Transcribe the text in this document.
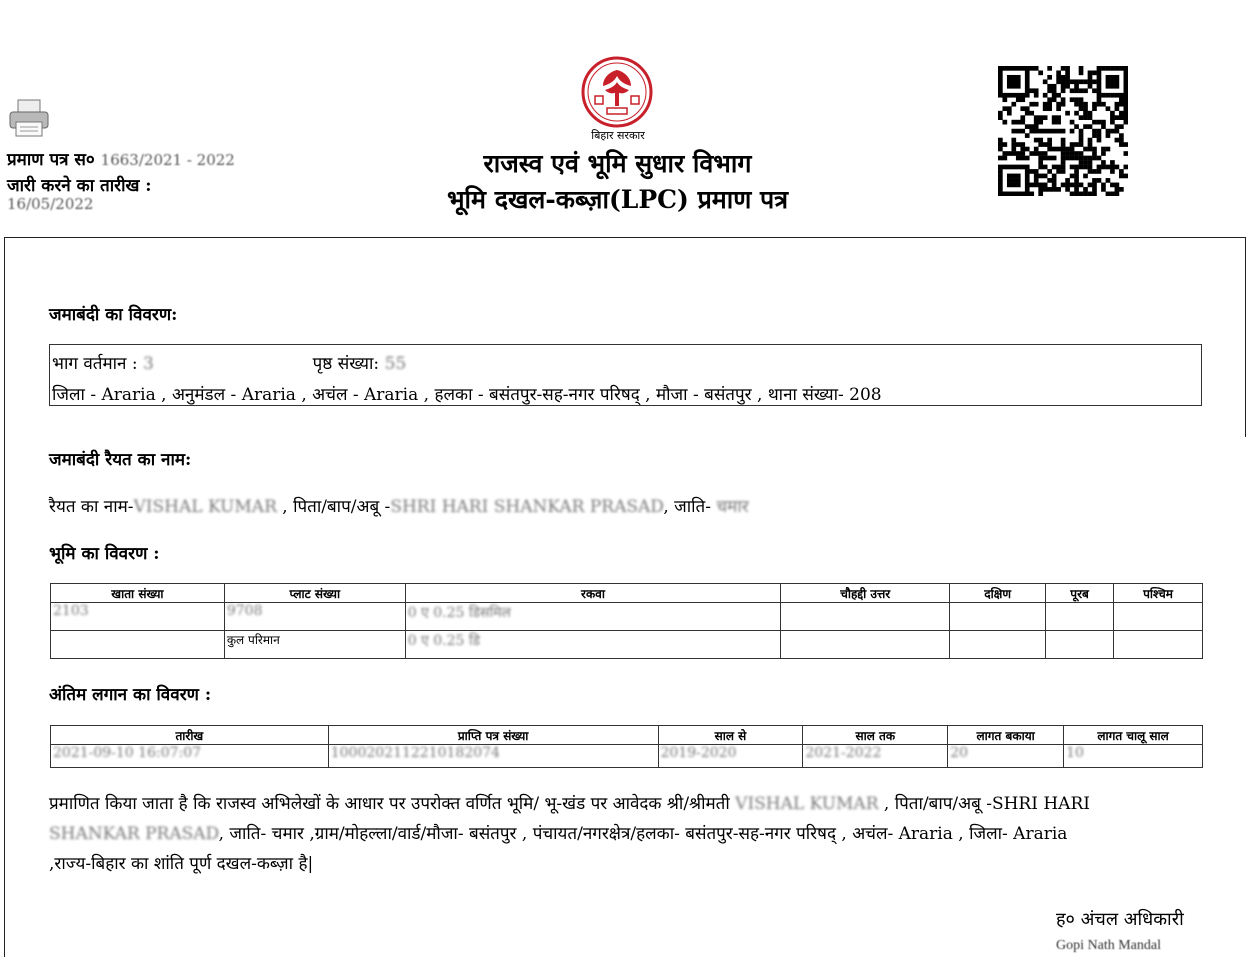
प्रमाण पत्र स० 1663/2021 - 2022
जारी करने का तारीख :
16/05/2022
बिहार सरकार
राजस्व एवं भूमि सुधार विभाग
भूमि दखल-कब्ज़ा(LPC) प्रमाण पत्र
जमाबंदी का विवरण:
भाग वर्तमान : 3	पृष्ठ संख्या: 55
जिला - Araria , अनुमंडल - Araria , अचंल - Araria , हलका - बसंतपुर-सह-नगर परिषद् , मौजा - बसंतपुर , थाना संख्या- 208
जमाबंदी रैयत का नाम:
रैयत का नाम-VISHAL KUMAR , पिता/बाप/अबू -SHRI HARI SHANKAR PRASAD, जाति- चमार
भूमि का विवरण :
खाता संख्या	प्लाट संख्या	रकवा	चौहद्दी उत्तर	दक्षिण	पूरब	पश्चिम
2103	9708	0 ए 0.25 डिसमिल				
	कुल परिमान	0 ए 0.25 डि				
अंतिम लगान का विवरण :
तारीख	प्राप्ति पत्र संख्या	साल से	साल तक	लागत बकाया	लागत चालू साल
2021-09-10 16:07:07	1000202112210182074	2019-2020	2021-2022	20	10
प्रमाणित किया जाता है कि राजस्व अभिलेखों के आधार पर उपरोक्त वर्णित भूमि/ भू-खंड पर आवेदक श्री/श्रीमती VISHAL KUMAR , पिता/बाप/अबू -SHRI HARI
SHANKAR PRASAD, जाति- चमार ,ग्राम/मोहल्ला/वार्ड/मौजा- बसंतपुर , पंचायत/नगरक्षेत्र/हलका- बसंतपुर-सह-नगर परिषद् , अचंल- Araria , जिला- Araria
,राज्य-बिहार का शांति पूर्ण दखल-कब्ज़ा है|
ह० अंचल अधिकारी
Gopi Nath Mandal
